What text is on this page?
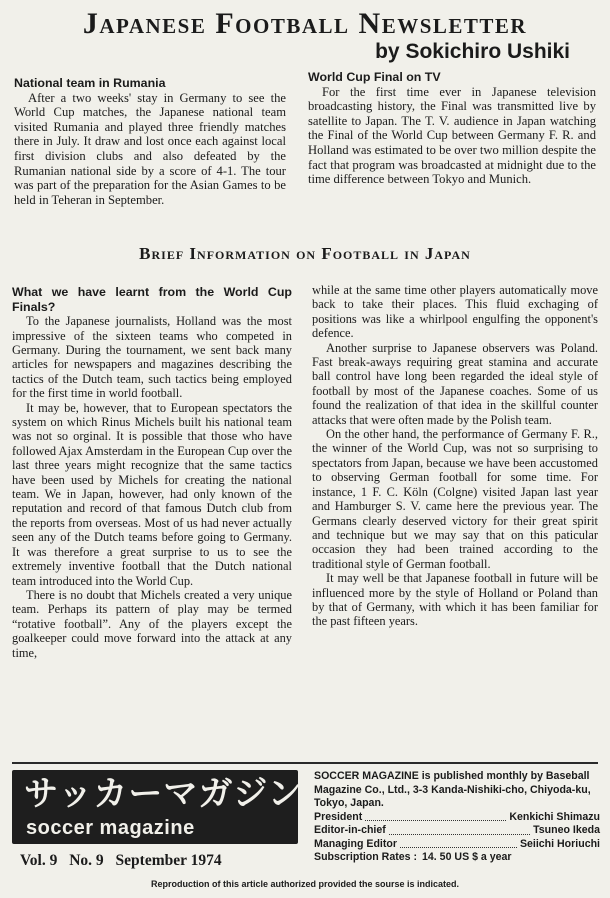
Japanese Football Newsletter
by Sokichiro Ushiki
National team in Rumania

After a two weeks' stay in Germany to see the World Cup matches, the Japanese national team visited Rumania and played three friendly matches there in July. It draw and lost once each against local first division clubs and also defeated by the Rumanian national side by a score of 4-1. The tour was part of the preparation for the Asian Games to be held in Teheran in September.

World Cup Final on TV

For the first time ever in Japanese television broadcasting history, the Final was transmitted live by satellite to Japan. The T. V. audience in Japan watching the Final of the World Cup between Germany F. R. and Holland was estimated to be over two million despite the fact that program was broadcasted at midnight due to the time difference between Tokyo and Munich.

Brief Information on Football in Japan
What we have learnt from the World Cup Finals?

To the Japanese journalists, Holland was the most impressive of the sixteen teams who competed in Germany. During the tournament, we sent back many articles for newspapers and magazines describing the tactics of the Dutch team, such tactics being employed for the first time in world football.

It may be, however, that to European spectators the system on which Rinus Michels built his national team was not so orginal. It is possible that those who have followed Ajax Amsterdam in the European Cup over the last three years might recognize that the same tactics have been used by Michels for creating the national team. We in Japan, however, had only known of the reputation and record of that famous Dutch club from the reports from overseas. Most of us had never actually seen any of the Dutch teams before going to Germany. It was therefore a great surprise to us to see the extremely inventive football that the Dutch national team introduced into the World Cup.

There is no doubt that Michels created a very unique team. Perhaps its pattern of play may be termed “rotative football”. Any of the players except the goalkeeper could move forward into the attack at any time,

while at the same time other players automatically move back to take their places. This fluid exchaging of positions was like a whirlpool engulfing the opponent's defence.

Another surprise to Japanese observers was Poland. Fast break-aways requiring great stamina and accurate ball control have long been regarded the ideal style of football by most of the Japanese coaches. Some of us found the realization of that idea in the skillful counter attacks that were often made by the Polish team.

On the other hand, the performance of Germany F. R., the winner of the World Cup, was not so surprising to spectators from Japan, because we have been accustomed to observing German football for some time. For instance, 1 F. C. Köln (Colgne) visited Japan last year and Hamburger S. V. came here the previous year. The Germans clearly deserved victory for their great spirit and technique but we may say that on this paticular occasion they had been trained according to the traditional style of German football.

It may well be that Japanese football in future will be influenced more by the style of Holland or Poland than by that of Germany, with which it has been familiar for the past fifteen years.

サッカーマガジン
soccer magazine
Vol. 9 No. 9 September 1974
SOCCER MAGAZINE is published monthly by Baseball Magazine Co., Ltd., 3-3 Kanda-Nishiki-cho, Chiyoda-ku, Tokyo, Japan.
President	Kenkichi Shimazu
Editor-in-chief	Tsuneo Ikeda
Managing Editor	Seiichi Horiuchi
Subscription Rates : 14. 50 US $ a year
Reproduction of this article authorized provided the sourse is indicated.
